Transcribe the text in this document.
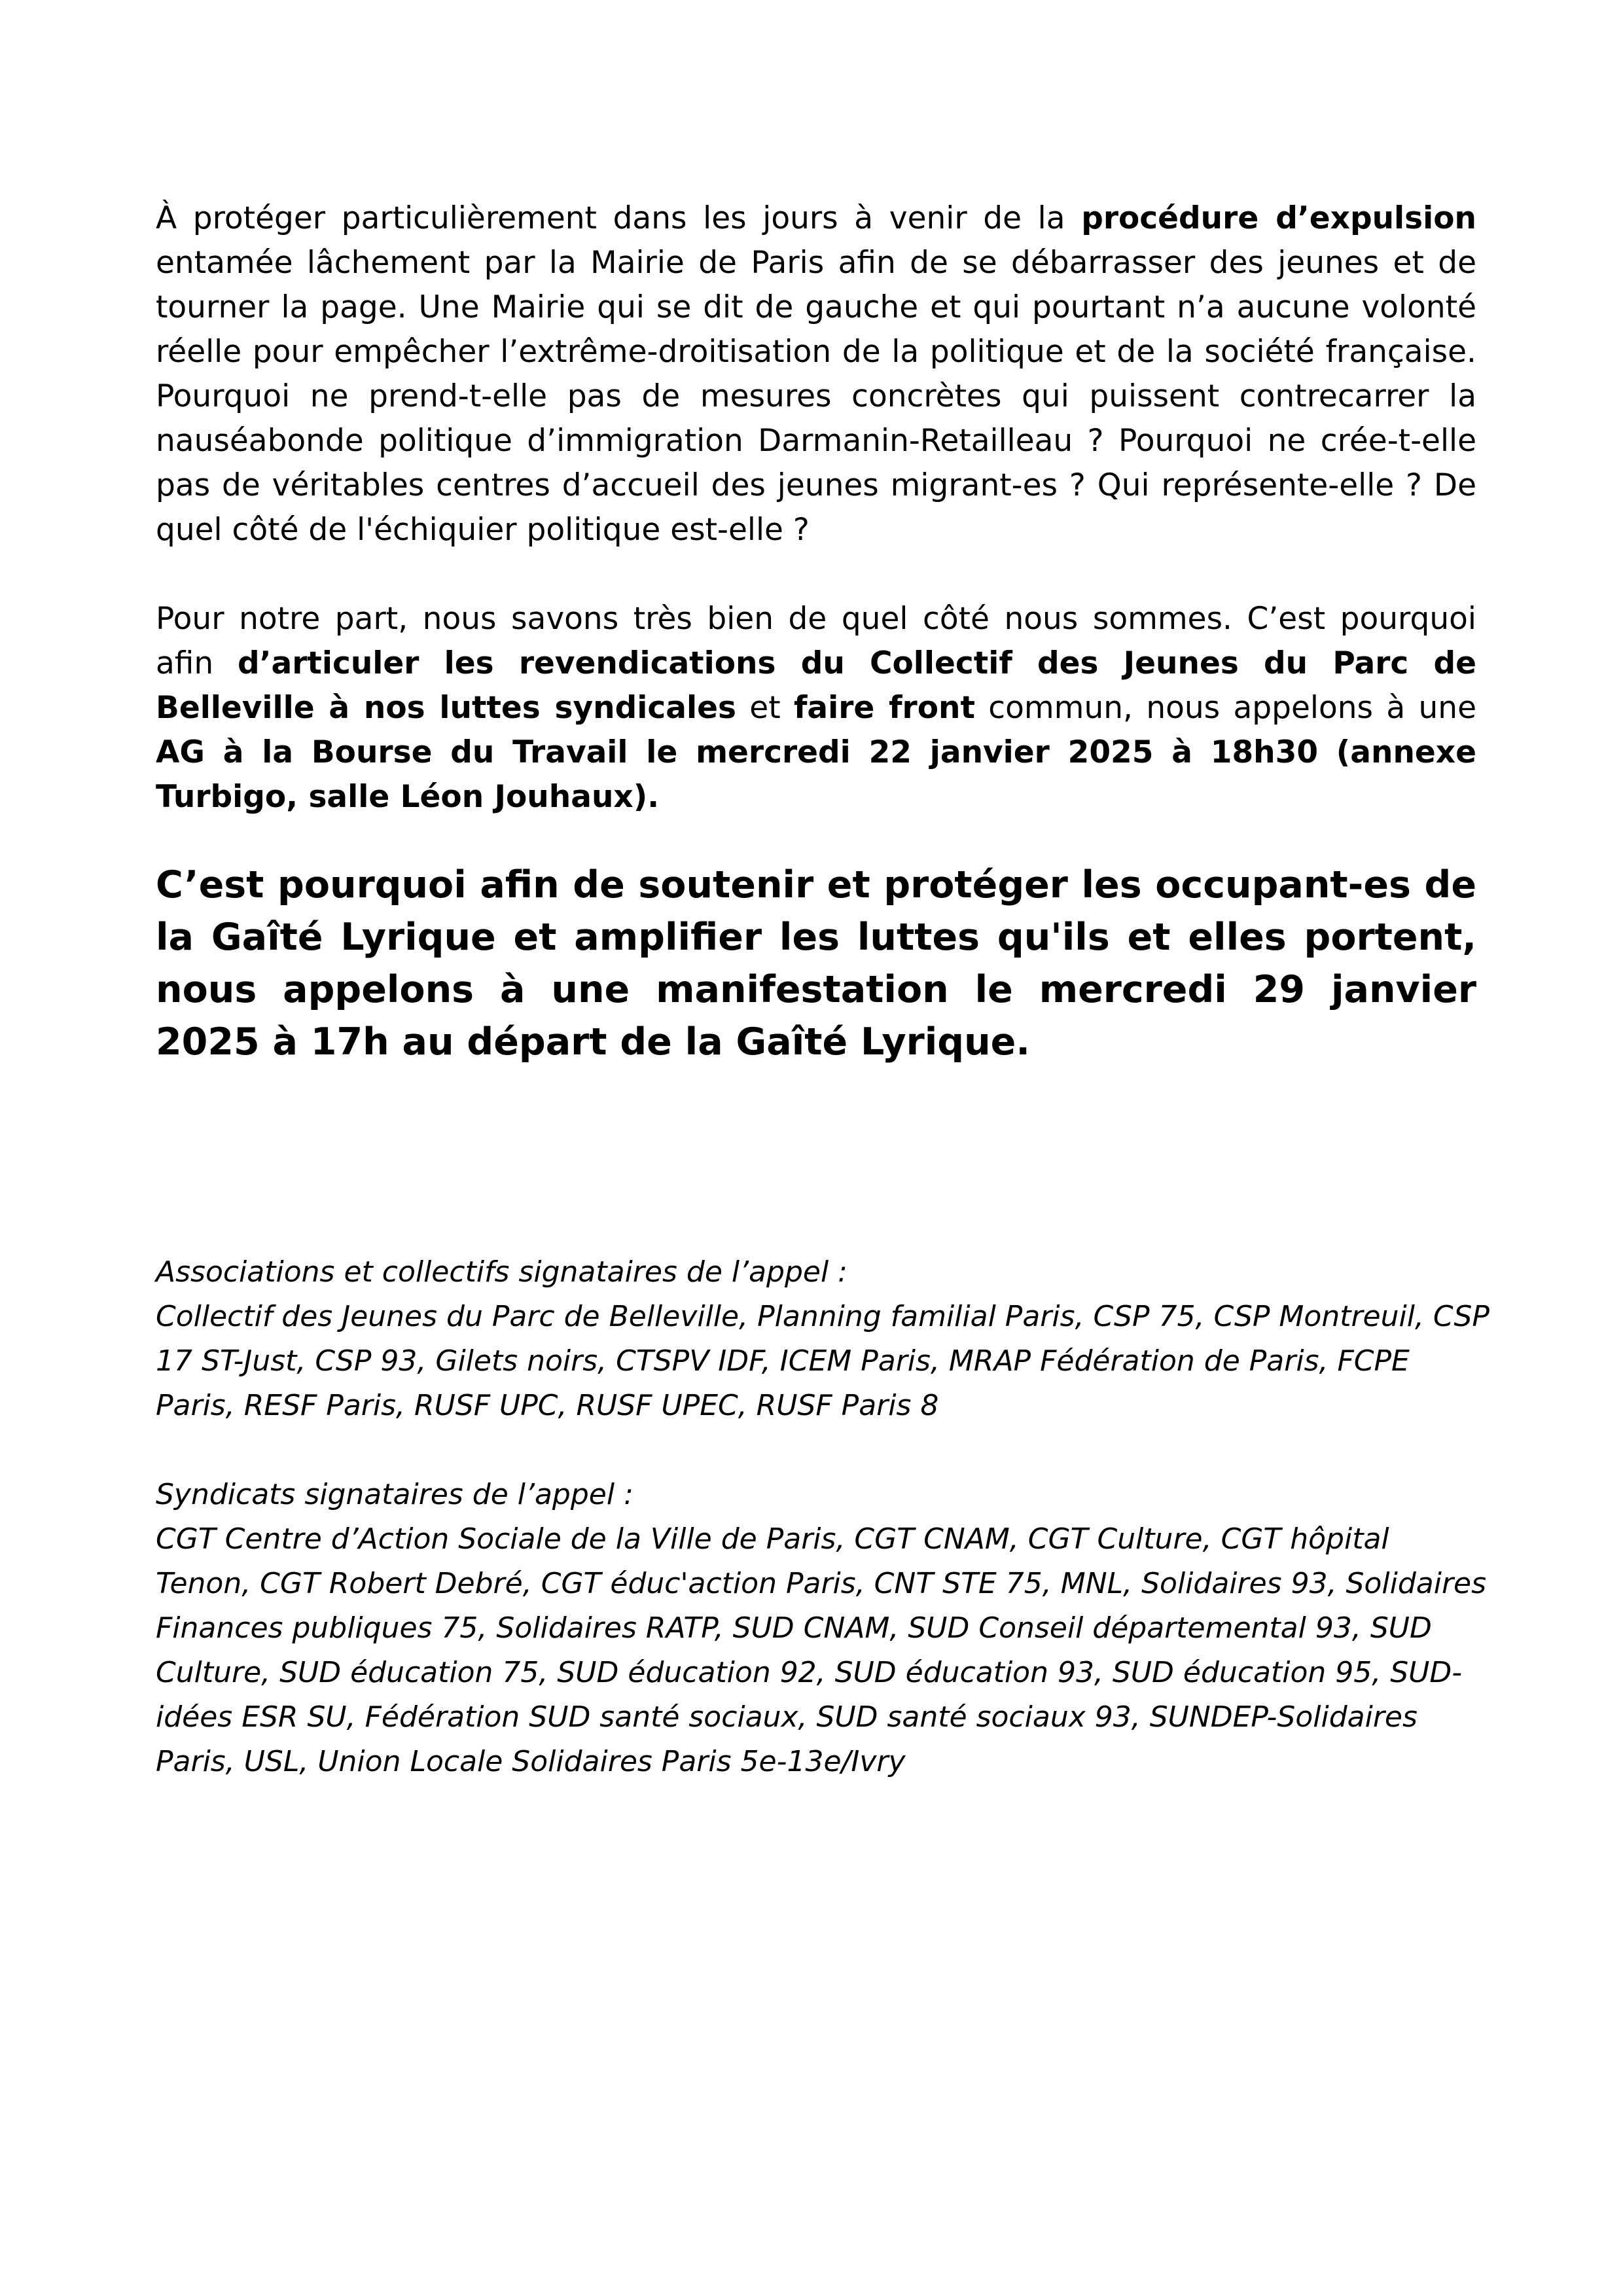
À protéger particulièrement dans les jours à venir de la procédure d’expulsion entamée lâchement par la Mairie de Paris afin de se débarrasser des jeunes et de tourner la page. Une Mairie qui se dit de gauche et qui pourtant n’a aucune volonté réelle pour empêcher l’extrême-droitisation de la politique et de la société française. Pourquoi ne prend-t-elle pas de mesures concrètes qui puissent contrecarrer la nauséabonde politique d’immigration Darmanin-Retailleau ? Pourquoi ne crée-t-elle pas de véritables centres d’accueil des jeunes migrant-es ? Qui représente-elle ? De quel côté de l'échiquier politique est-elle ?

Pour notre part, nous savons très bien de quel côté nous sommes. C’est pourquoi afin d’articuler les revendications du Collectif des Jeunes du Parc de Belleville à nos luttes syndicales et faire front commun, nous appelons à une AG à la Bourse du Travail le mercredi 22 janvier 2025 à 18h30 (annexe Turbigo, salle Léon Jouhaux).

C’est pourquoi afin de soutenir et protéger les occupant-es de la Gaîté Lyrique et amplifier les luttes qu'ils et elles portent, nous appelons à une manifestation le mercredi 29 janvier 2025 à 17h au départ de la Gaîté Lyrique.

Associations et collectifs signataires de l’appel :
Collectif des Jeunes du Parc de Belleville, Planning familial Paris, CSP 75, CSP Montreuil, CSP 17 ST-Just, CSP 93, Gilets noirs, CTSPV IDF, ICEM Paris, MRAP Fédération de Paris, FCPE Paris, RESF Paris, RUSF UPC, RUSF UPEC, RUSF Paris 8
Syndicats signataires de l’appel :
CGT Centre d’Action Sociale de la Ville de Paris, CGT CNAM, CGT Culture, CGT hôpital Tenon, CGT Robert Debré, CGT éduc'action Paris, CNT STE 75, MNL, Solidaires 93, Solidaires Finances publiques 75, Solidaires RATP, SUD CNAM, SUD Conseil départemental 93, SUD Culture, SUD éducation 75, SUD éducation 92, SUD éducation 93, SUD éducation 95, SUD-idées ESR SU, Fédération SUD santé sociaux, SUD santé sociaux 93, SUNDEP-Solidaires Paris, USL, Union Locale Solidaires Paris 5e-13e/Ivry
